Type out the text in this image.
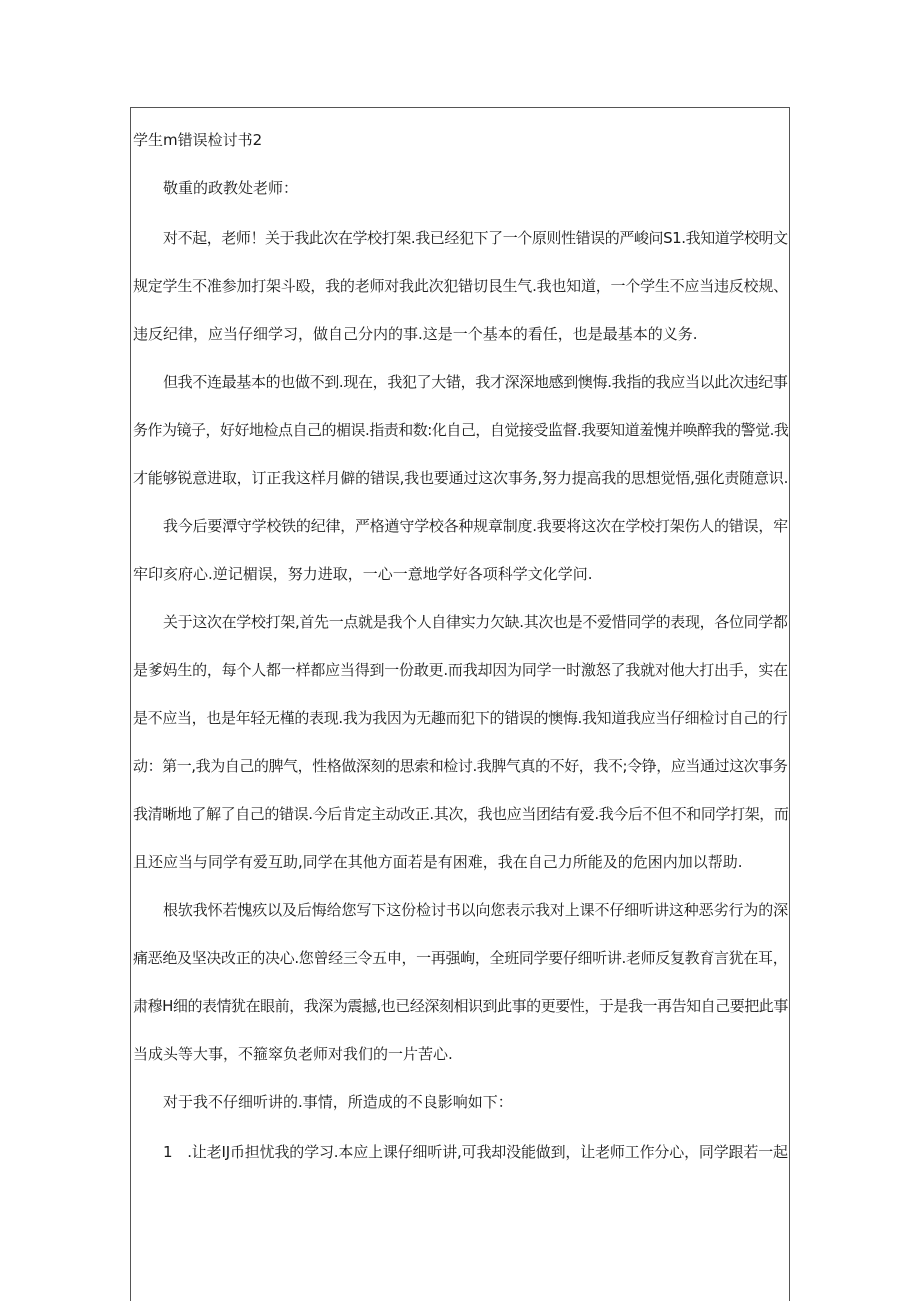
学生m错误检讨书2
敬重的政教处老师：
对不起，老师！关于我此次在学校打架.我已经犯下了一个原则性错误的严峻问S1.我知道学校明文
规定学生不准参加打架斗殴，我的老师对我此次犯错切艮生气.我也知道，一个学生不应当违反校规、
违反纪律，应当仔细学习，做自己分内的事.这是一个基本的看任，也是最基本的义务.
但我不连最基本的也做不到.现在，我犯了大错，我才深深地感到懊悔.我指的我应当以此次违纪事
务作为镜子，好好地检点自己的楣误.指责和数:化自己，自觉接受监督.我要知道羞愧并唤醉我的警觉.我
才能够锐意进取，订正我这样月僻的错误,我也要通过这次事务,努力提高我的思想觉悟,强化责随意识.
我今后要潭守学校铁的纪律，严格遒守学校各种规章制度.我要将这次在学校打架伤人的错误，牢
牢印亥府心.逆记楣误，努力进取，一心一意地学好各项科学文化学问.
关于这次在学校打架,首先一点就是我个人自律实力欠缺.其次也是不爱惜同学的表现，各位同学都
是爹妈生的，每个人都一样都应当得到一份敢更.而我却因为同学一时激怒了我就对他大打出手，实在
是不应当，也是年轻无槿的表现.我为我因为无趣而犯下的错误的懊悔.我知道我应当仔细检讨自己的行
动：第一,我为自己的脾气，性格做深刻的思索和检讨.我脾气真的不好，我不;令铮，应当通过这次事务
我清晰地了解了自己的错误.今后肯定主动改正.其次，我也应当团结有爱.我今后不但不和同学打架，而
且还应当与同学有爱互助,同学在其他方面若是有困难，我在自己力所能及的危困内加以帮助.
根欤我怀若愧疚以及后悔给您写下这份检讨书以向您表示我对上课不仔细听讲这种恶劣行为的深
痛恶绝及坚决改正的决心.您曾经三令五申，一再强峋，全班同学要仔细听讲.老师反复教育言犹在耳，
肃穆H细的表情犹在眼前，我深为震撼,也已经深刻相识到此事的更要性，于是我一再告知自己要把此事
当成头等大事，不箍窣负老师对我们的一片苦心.
对于我不仔细听讲的.事情，所造成的不良影响如下：
1　.让老IJ币担忧我的学习.本应上课仔细听讲,可我却没能做到，让老师工作分心，同学跟若一起
